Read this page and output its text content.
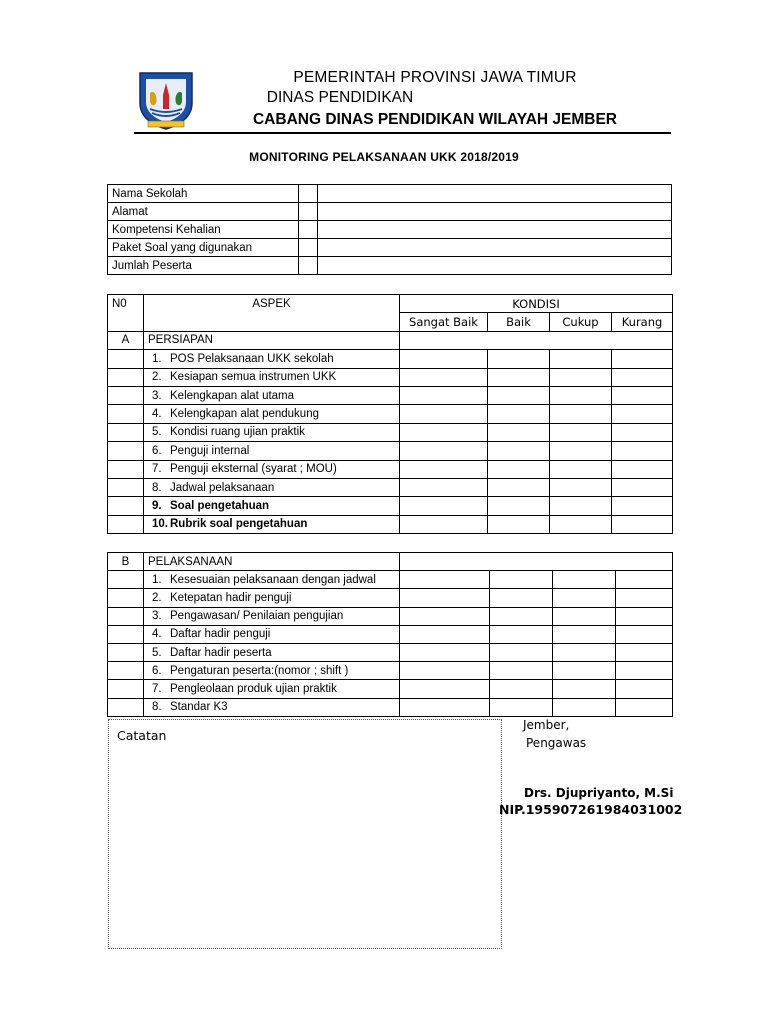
PEMERINTAH PROVINSI JAWA TIMUR
DINAS PENDIDIKAN
CABANG DINAS PENDIDIKAN WILAYAH JEMBER
MONITORING PELAKSANAAN UKK 2018/2019
Nama Sekolah		
Alamat		
Kompetensi Kehalian		
Paket Soal yang digunakan		
Jumlah Peserta		
N0	ASPEK	KONDISI			
		Sangat Baik	Baik	Cukup	Kurang
A	PERSIAPAN				
	1. POS Pelaksanaan UKK sekolah				
	2. Kesiapan semua instrumen UKK				
	3. Kelengkapan alat utama				
	4. Kelengkapan alat pendukung				
	5. Kondisi ruang ujian praktik				
	6. Penguji internal				
	7. Penguji eksternal (syarat ; MOU)				
	8. Jadwal pelaksanaan				
	9. Soal pengetahuan				
	10. Rubrik soal pengetahuan				
B	PELAKSANAAN				
	1. Kesesuaian pelaksanaan dengan jadwal				
	2. Ketepatan hadir penguji				
	3. Pengawasan/ Penilaian pengujian				
	4. Daftar hadir penguji				
	5. Daftar hadir peserta				
	6. Pengaturan peserta:(nomor ; shift )				
	7. Pengleolaan produk ujian praktik				
	8. Standar K3				
Catatan
Jember,
Pengawas
Drs. Djupriyanto, M.Si
NIP.195907261984031002
